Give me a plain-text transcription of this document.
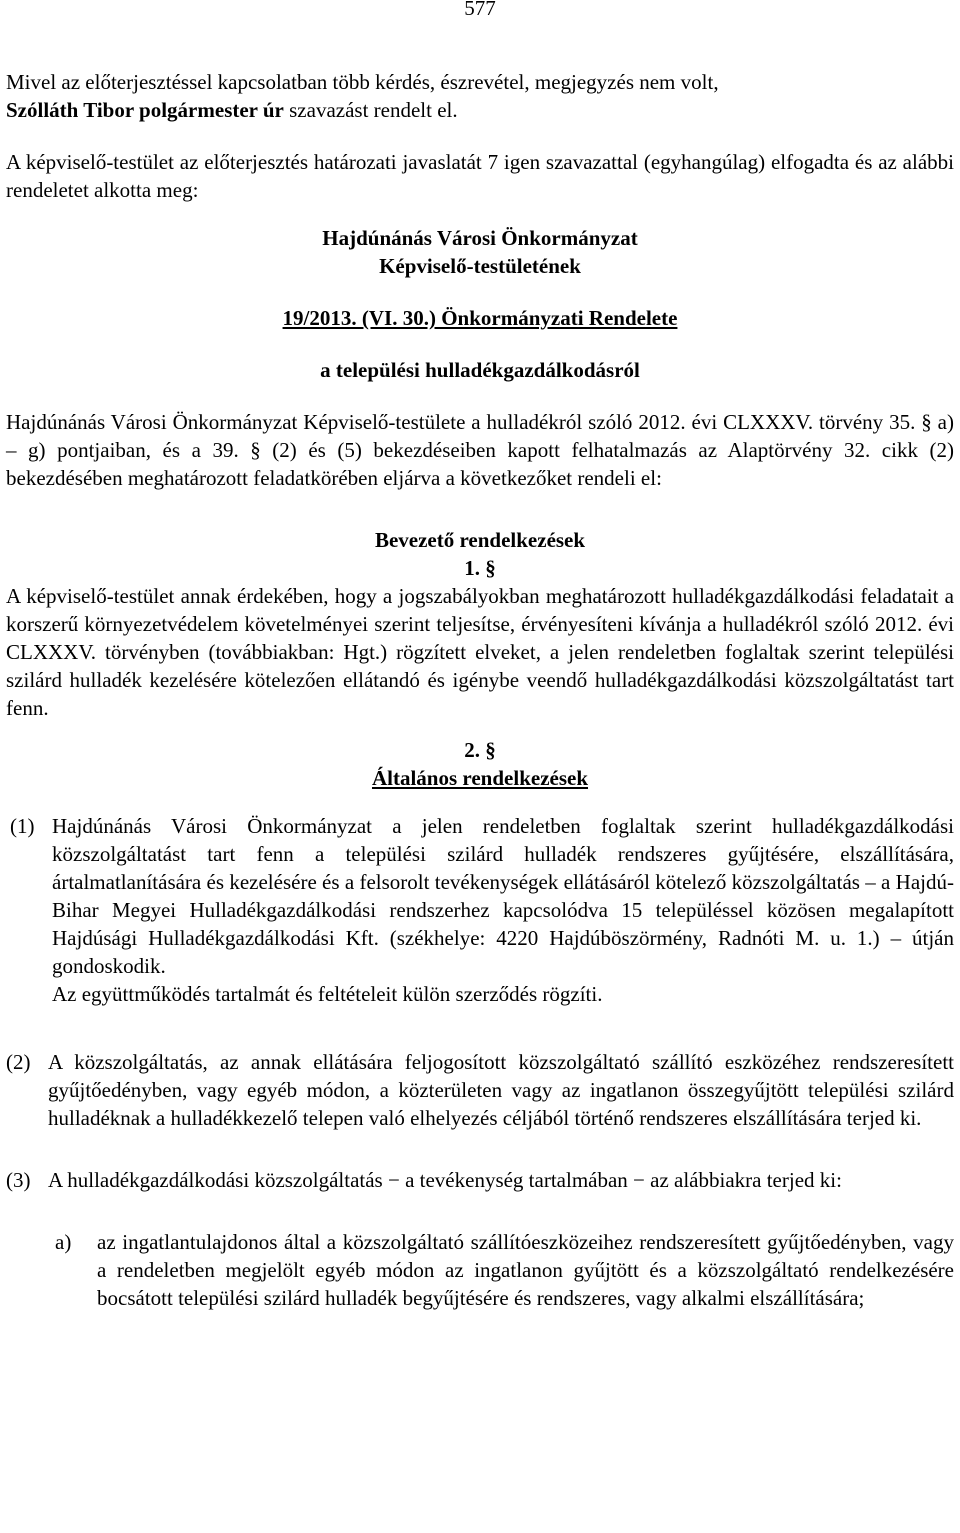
577

Mivel az előterjesztéssel kapcsolatban több kérdés, észrevétel, megjegyzés nem volt,
Szólláth Tibor polgármester úr szavazást rendelt el.

A képviselő-testület az előterjesztés határozati javaslatát 7 igen szavazattal (egyhangúlag) elfogadta és az alábbi rendeletet alkotta meg:

Hajdúnánás Városi Önkormányzat

Képviselő-testületének

19/2013. (VI. 30.) Önkormányzati Rendelete

a települési hulladékgazdálkodásról

Hajdúnánás Városi Önkormányzat Képviselő-testülete a hulladékról szóló 2012. évi CLXXXV. törvény 35. § a) – g) pontjaiban, és a 39. § (2) és (5) bekezdéseiben kapott felhatalmazás az Alaptörvény 32. cikk (2) bekezdésében meghatározott feladatkörében eljárva a következőket rendeli el:

Bevezető rendelkezések

1. §

A képviselő-testület annak érdekében, hogy a jogszabályokban meghatározott hulladékgazdálkodási feladatait a korszerű környezetvédelem követelményei szerint teljesítse, érvényesíteni kívánja a hulladékról szóló 2012. évi CLXXXV. törvényben (továbbiakban: Hgt.) rögzített elveket, a jelen rendeletben foglaltak szerint települési szilárd hulladék kezelésére kötelezően ellátandó és igénybe veendő hulladékgazdálkodási közszolgáltatást tart fenn.

2. §

Általános rendelkezések

(1) Hajdúnánás Városi Önkormányzat a jelen rendeletben foglaltak szerint hulladékgazdálkodási közszolgáltatást tart fenn a települési szilárd hulladék rendszeres gyűjtésére, elszállítására, ártalmatlanítására és kezelésére és a felsorolt tevékenységek ellátásáról kötelező közszolgáltatás – a Hajdú-Bihar Megyei Hulladékgazdálkodási rendszerhez kapcsolódva 15 településsel közösen megalapított Hajdúsági Hulladékgazdálkodási Kft. (székhelye: 4220 Hajdúböszörmény, Radnóti M. u. 1.) – útján gondoskodik.

Az együttműködés tartalmát és feltételeit külön szerződés rögzíti.

(2) A közszolgáltatás, az annak ellátására feljogosított közszolgáltató szállító eszközéhez rendszeresített gyűjtőedényben, vagy egyéb módon, a közterületen vagy az ingatlanon összegyűjtött települési szilárd hulladéknak a hulladékkezelő telepen való elhelyezés céljából történő rendszeres elszállítására terjed ki.

(3) A hulladékgazdálkodási közszolgáltatás − a tevékenység tartalmában − az alábbiakra terjed ki:

a)	az ingatlantulajdonos által a közszolgáltató szállítóeszközeihez rendszeresített gyűjtőedényben, vagy a rendeletben megjelölt egyéb módon az ingatlanon gyűjtött és a közszolgáltató rendelkezésére bocsátott települési szilárd hulladék begyűjtésére és rendszeres, vagy alkalmi elszállítására;
